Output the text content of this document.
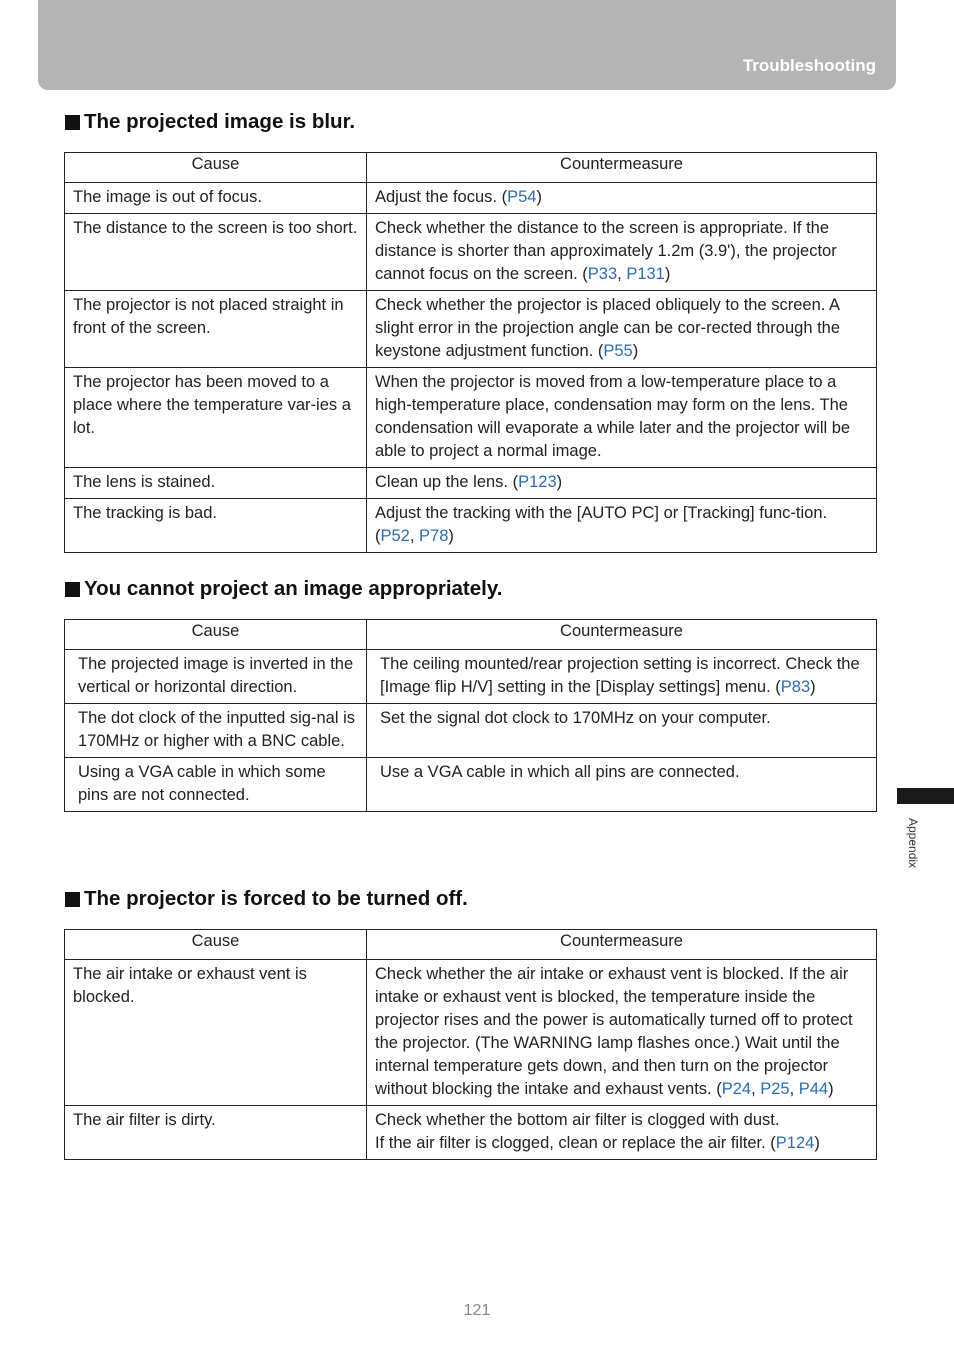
Troubleshooting
The projected image is blur.
Cause	Countermeasure
The image is out of focus.	Adjust the focus. (P54)
The distance to the screen is too short.	Check whether the distance to the screen is appropriate. If the distance is shorter than approximately 1.2m (3.9'), the projector cannot focus on the screen. (P33, P131)
The projector is not placed straight in front of the screen.	Check whether the projector is placed obliquely to the screen. A slight error in the projection angle can be cor-rected through the keystone adjustment function. (P55)
The projector has been moved to a place where the temperature var-ies a lot.	When the projector is moved from a low-temperature place to a high-temperature place, condensation may form on the lens. The condensation will evaporate a while later and the projector will be able to project a normal image.
The lens is stained.	Clean up the lens. (P123)
The tracking is bad.	Adjust the tracking with the [AUTO PC] or [Tracking] func-tion. (P52, P78)
You cannot project an image appropriately.
Cause	Countermeasure
The projected image is inverted in the vertical or horizontal direction.	The ceiling mounted/rear projection setting is incorrect. Check the [Image flip H/V] setting in the [Display settings] menu. (P83)
The dot clock of the inputted sig-nal is 170MHz or higher with a BNC cable.	Set the signal dot clock to 170MHz on your computer.
Using a VGA cable in which some pins are not connected.	Use a VGA cable in which all pins are connected.
The projector is forced to be turned off.
Cause	Countermeasure
The air intake or exhaust vent is blocked.	Check whether the air intake or exhaust vent is blocked. If the air intake or exhaust vent is blocked, the temperature inside the projector rises and the power is automatically turned off to protect the projector. (The WARNING lamp flashes once.) Wait until the internal temperature gets down, and then turn on the projector without blocking the intake and exhaust vents. (P24, P25, P44)
The air filter is dirty.	Check whether the bottom air filter is clogged with dust.
If the air filter is clogged, clean or replace the air filter. (P124)
Appendix
121
